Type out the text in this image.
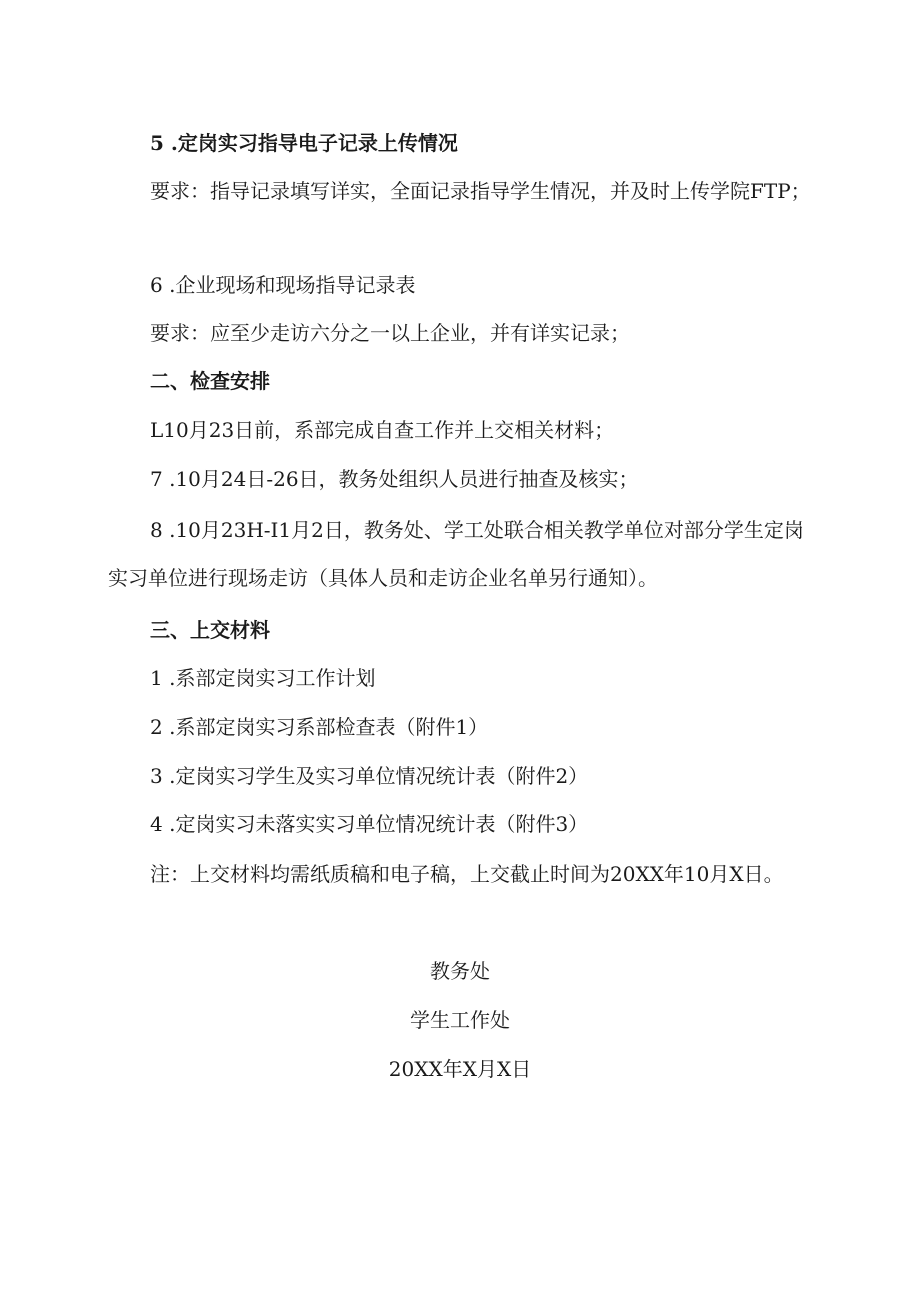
5 .定岗实习指导电子记录上传情况

要求：指导记录填写详实，全面记录指导学生情况，并及时上传学院FTP；

6 .企业现场和现场指导记录表

要求：应至少走访六分之一以上企业，并有详实记录；

二、检查安排

L10月23日前，系部完成自查工作并上交相关材料；

7 .10月24日-26日，教务处组织人员进行抽查及核实；

8 .10月23H-I1月2日，教务处、学工处联合相关教学单位对部分学生定岗实习单位进行现场走访（具体人员和走访企业名单另行通知）。

三、上交材料

1 .系部定岗实习工作计划

2 .系部定岗实习系部检查表（附件1）

3 .定岗实习学生及实习单位情况统计表（附件2）

4 .定岗实习未落实实习单位情况统计表（附件3）

注：上交材料均需纸质稿和电子稿，上交截止时间为20XX年10月X日。

教务处

学生工作处

20XX年X月X日
